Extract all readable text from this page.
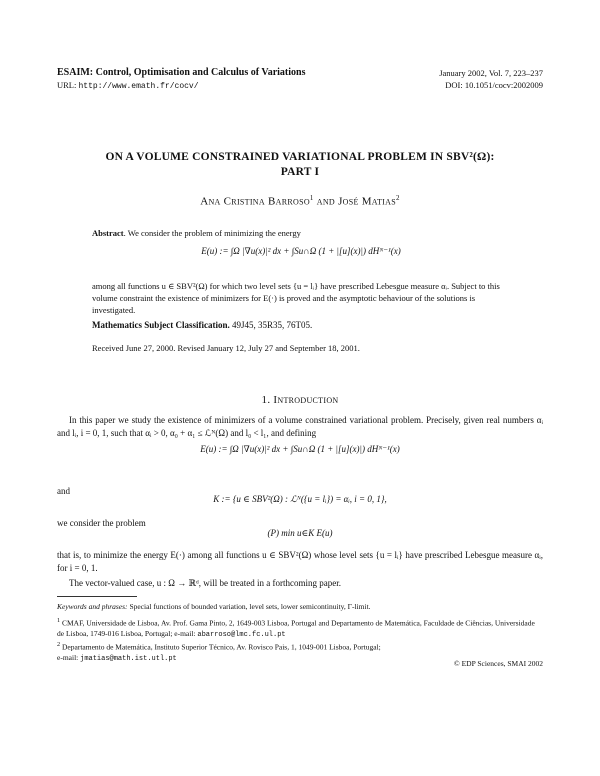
ESAIM: Control, Optimisation and Calculus of Variations
URL: http://www.emath.fr/cocv/
January 2002, Vol. 7, 223–237
DOI: 10.1051/cocv:2002009
ON A VOLUME CONSTRAINED VARIATIONAL PROBLEM IN SBV²(Ω):
PART I
Ana Cristina Barroso$^1$ and José Matias$^2$
Abstract. We consider the problem of minimizing the energy
E(u) := ∫Ω |∇u(x)|² dx + ∫Su∩Ω (1 + |[u](x)|) dHᴺ⁻¹(x)
among all functions u ∈ SBV²(Ω) for which two level sets {u = lᵢ} have prescribed Lebesgue measure αᵢ. Subject to this volume constraint the existence of minimizers for E(·) is proved and the asymptotic behaviour of the solutions is investigated.
Mathematics Subject Classification. 49J45, 35R35, 76T05.
Received June 27, 2000. Revised January 12, July 27 and September 18, 2001.
1. Introduction
In this paper we study the existence of minimizers of a volume constrained variational problem. Precisely, given real numbers αᵢ and lᵢ, i = 0, 1, such that αᵢ > 0, α₀ + α₁ ≤ ℒᴺ(Ω) and l₀ < l₁, and defining
E(u) := ∫Ω |∇u(x)|² dx + ∫Su∩Ω (1 + |[u](x)|) dHᴺ⁻¹(x)
and
K := {u ∈ SBV²(Ω) : ℒᴺ({u = lᵢ}) = αᵢ, i = 0, 1},
we consider the problem
(P) min u∈K E(u)
that is, to minimize the energy E(·) among all functions u ∈ SBV²(Ω) whose level sets {u = lᵢ} have prescribed Lebesgue measure αᵢ, for i = 0, 1.
The vector-valued case, u : Ω → ℝᵈ, will be treated in a forthcoming paper.
Keywords and phrases: Special functions of bounded variation, level sets, lower semicontinuity, Γ-limit.
$^1$ CMAF, Universidade de Lisboa, Av. Prof. Gama Pinto, 2, 1649-003 Lisboa, Portugal and Departamento de Matemática, Faculdade de Ciências, Universidade de Lisboa, 1749-016 Lisboa, Portugal; e-mail: abarroso@lmc.fc.ul.pt
$^2$ Departamento de Matemática, Instituto Superior Técnico, Av. Rovisco Pais, 1, 1049-001 Lisboa, Portugal;
e-mail: jmatias@math.ist.utl.pt
© EDP Sciences, SMAI 2002
